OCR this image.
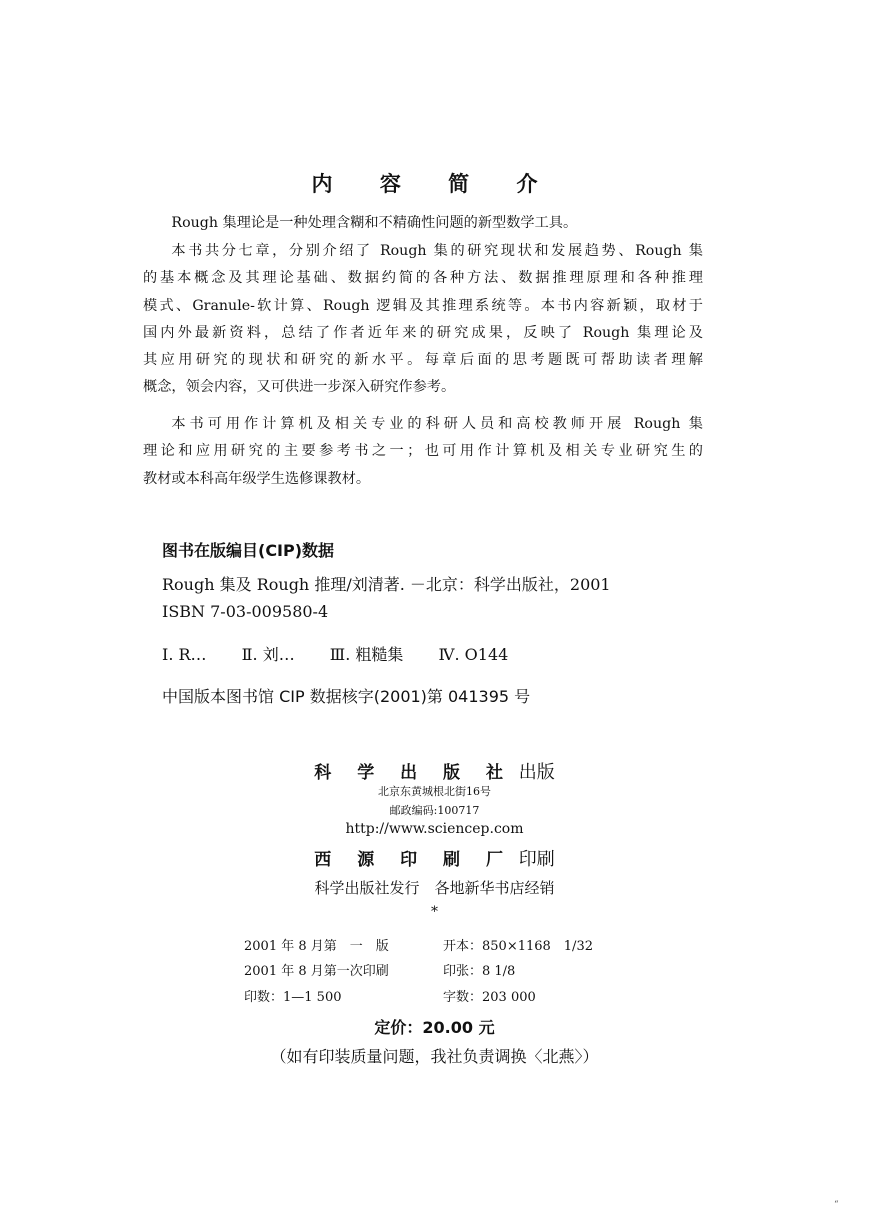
内 容 简 介

Rough 集理论是一种处理含糊和不精确性问题的新型数学工具。

本书共分七章，分别介绍了 Rough 集的研究现状和发展趋势、Rough 集

的基本概念及其理论基础、数据约简的各种方法、数据推理原理和各种推理

模式、Granule-软计算、Rough 逻辑及其推理系统等。本书内容新颖，取材于

国内外最新资料，总结了作者近年来的研究成果，反映了 Rough 集理论及

其应用研究的现状和研究的新水平。每章后面的思考题既可帮助读者理解

概念，领会内容，又可供进一步深入研究作参考。

本书可用作计算机及相关专业的科研人员和高校教师开展 Rough 集

理论和应用研究的主要参考书之一；也可用作计算机及相关专业研究生的

教材或本科高年级学生选修课教材。

图书在版编目(CIP)数据
Rough 集及 Rough 推理/刘清著. －北京：科学出版社，2001
ISBN 7-03-009580-4
Ⅰ. R… Ⅱ. 刘… Ⅲ. 粗糙集 Ⅳ. O144
中国版本图书馆 CIP 数据核字(2001)第 041395 号
科 学 出 版 社 出版
北京东黄城根北街16号
邮政编码:100717
http://www.sciencep.com
西 源 印 刷 厂 印刷
科学出版社发行　各地新华书店经销
*
2001 年 8 月第　一　版	开本：850×1168　1/32
2001 年 8 月第一次印刷	印张：8 1/8
印数：1—1 500	字数：203 000
定价：20.00 元
（如有印装质量问题，我社负责调换〈北燕〉）
“
